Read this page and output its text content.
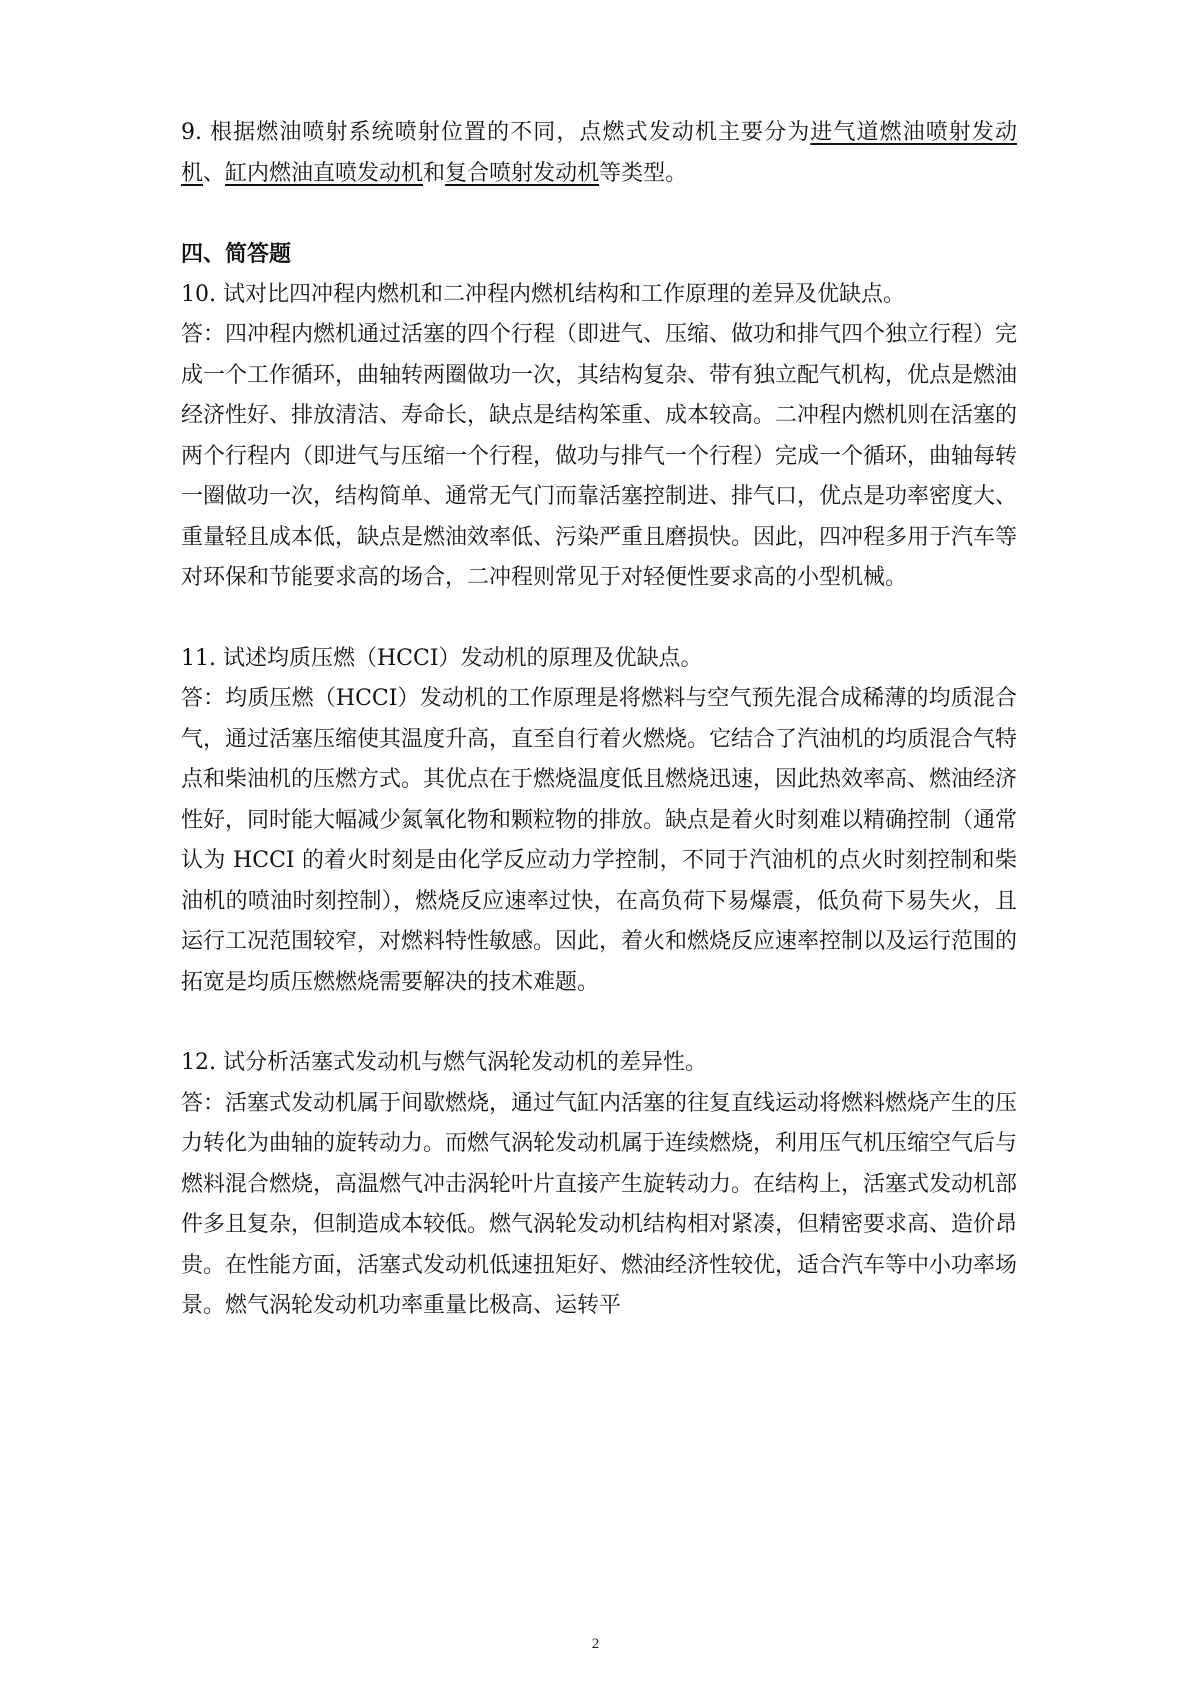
9. 根据燃油喷射系统喷射位置的不同，点燃式发动机主要分为进气道燃油喷射发动机、缸内燃油直喷发动机和复合喷射发动机等类型。

四、简答题

10. 试对比四冲程内燃机和二冲程内燃机结构和工作原理的差异及优缺点。

答：四冲程内燃机通过活塞的四个行程（即进气、压缩、做功和排气四个独立行程）完成一个工作循环，曲轴转两圈做功一次，其结构复杂、带有独立配气机构，优点是燃油经济性好、排放清洁、寿命长，缺点是结构笨重、成本较高。二冲程内燃机则在活塞的两个行程内（即进气与压缩一个行程，做功与排气一个行程）完成一个循环，曲轴每转一圈做功一次，结构简单、通常无气门而靠活塞控制进、排气口，优点是功率密度大、重量轻且成本低，缺点是燃油效率低、污染严重且磨损快。因此，四冲程多用于汽车等对环保和节能要求高的场合，二冲程则常见于对轻便性要求高的小型机械。

11. 试述均质压燃（HCCI）发动机的原理及优缺点。

答：均质压燃（HCCI）发动机的工作原理是将燃料与空气预先混合成稀薄的均质混合气，通过活塞压缩使其温度升高，直至自行着火燃烧。它结合了汽油机的均质混合气特点和柴油机的压燃方式。其优点在于燃烧温度低且燃烧迅速，因此热效率高、燃油经济性好，同时能大幅减少氮氧化物和颗粒物的排放。缺点是着火时刻难以精确控制（通常认为 HCCI 的着火时刻是由化学反应动力学控制，不同于汽油机的点火时刻控制和柴油机的喷油时刻控制），燃烧反应速率过快，在高负荷下易爆震，低负荷下易失火，且运行工况范围较窄，对燃料特性敏感。因此，着火和燃烧反应速率控制以及运行范围的拓宽是均质压燃燃烧需要解决的技术难题。

12. 试分析活塞式发动机与燃气涡轮发动机的差异性。

答：活塞式发动机属于间歇燃烧，通过气缸内活塞的往复直线运动将燃料燃烧产生的压力转化为曲轴的旋转动力。而燃气涡轮发动机属于连续燃烧，利用压气机压缩空气后与燃料混合燃烧，高温燃气冲击涡轮叶片直接产生旋转动力。在结构上，活塞式发动机部件多且复杂，但制造成本较低。燃气涡轮发动机结构相对紧凑，但精密要求高、造价昂贵。在性能方面，活塞式发动机低速扭矩好、燃油经济性较优，适合汽车等中小功率场景。燃气涡轮发动机功率重量比极高、运转平

2
